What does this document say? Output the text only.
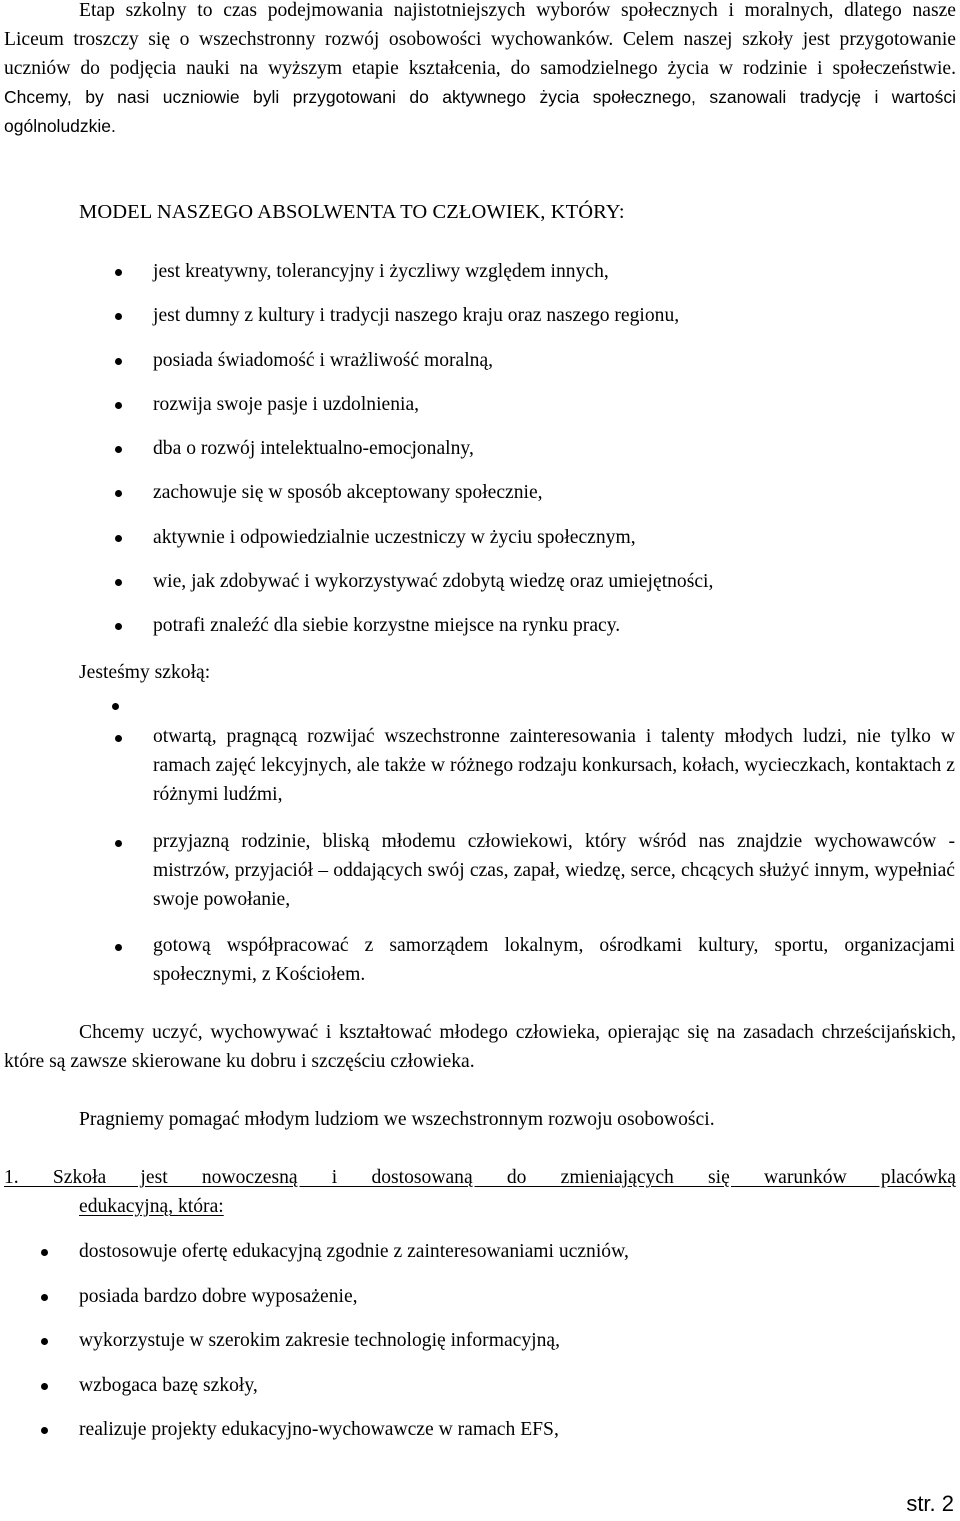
Etap szkolny to czas podejmowania najistotniejszych wyborów społecznych i moralnych, dlatego nasze Liceum troszczy się o wszechstronny rozwój osobowości wychowanków. Celem naszej szkoły jest przygotowanie uczniów do podjęcia nauki na wyższym etapie kształcenia, do samodzielnego życia w rodzinie i społeczeństwie. Chcemy, by nasi uczniowie byli przygotowani do aktywnego życia społecznego, szanowali tradycję i wartości ogólnoludzkie.

MODEL NASZEGO ABSOLWENTA TO CZŁOWIEK, KTÓRY:
jest kreatywny, tolerancyjny i życzliwy względem innych,
jest dumny z kultury i tradycji naszego kraju oraz naszego regionu,
posiada świadomość i wrażliwość moralną,
rozwija swoje pasje i uzdolnienia,
dba o rozwój intelektualno-emocjonalny,
zachowuje się w sposób akceptowany społecznie,
aktywnie i odpowiedzialnie uczestniczy w życiu społecznym,
wie, jak zdobywać i wykorzystywać zdobytą wiedzę oraz umiejętności,
potrafi znaleźć dla siebie korzystne miejsce na rynku pracy.

Jesteśmy szkołą:

otwartą, pragnącą rozwijać wszechstronne zainteresowania i talenty młodych ludzi, nie tylko w ramach zajęć lekcyjnych, ale także w różnego rodzaju konkursach, kołach, wycieczkach, kontaktach z różnymi ludźmi,
przyjazną rodzinie, bliską młodemu człowiekowi, który wśród nas znajdzie wychowawców - mistrzów, przyjaciół – oddających swój czas, zapał, wiedzę, serce, chcących służyć innym, wypełniać swoje powołanie,
gotową współpracować z samorządem lokalnym, ośrodkami kultury, sportu, organizacjami społecznymi, z Kościołem.

Chcemy uczyć, wychowywać i kształtować młodego człowieka, opierając się na zasadach chrześcijańskich, które są zawsze skierowane ku dobru i szczęściu człowieka.

Pragniemy pomagać młodym ludziom we wszechstronnym rozwoju osobowości.

1. Szkoła jest nowoczesną i dostosowaną do zmieniających się warunków placówką
edukacyjną, która:

dostosowuje ofertę edukacyjną zgodnie z zainteresowaniami uczniów,
posiada bardzo dobre wyposażenie,
wykorzystuje w szerokim zakresie technologię informacyjną,
wzbogaca bazę szkoły,
realizuje projekty edukacyjno-wychowawcze w ramach EFS,

str. 2
